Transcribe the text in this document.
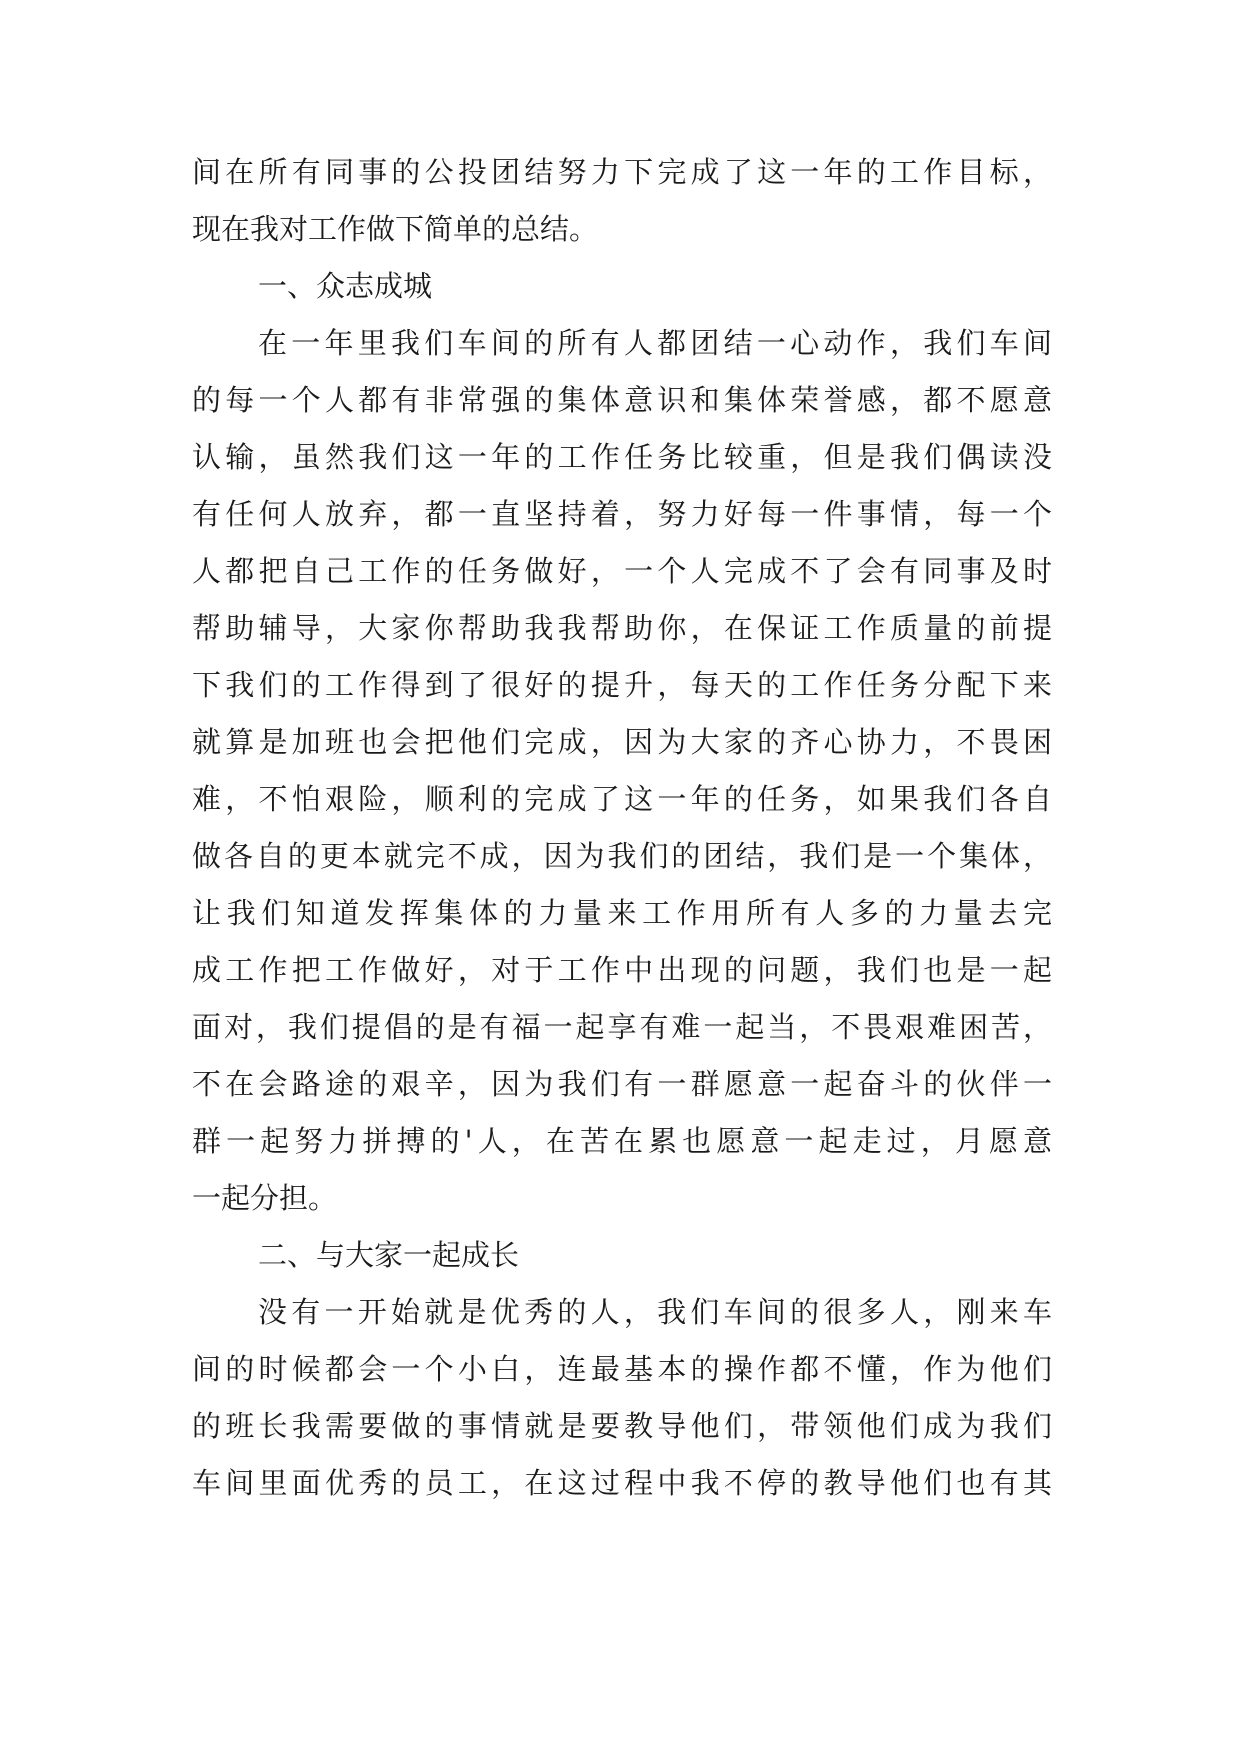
间在所有同事的公投团结努力下完成了这一年的工作目标，
现在我对工作做下简单的总结。
一、众志成城
在一年里我们车间的所有人都团结一心动作，我们车间
的每一个人都有非常强的集体意识和集体荣誉感，都不愿意
认输，虽然我们这一年的工作任务比较重，但是我们偶读没
有任何人放弃，都一直坚持着，努力好每一件事情，每一个
人都把自己工作的任务做好，一个人完成不了会有同事及时
帮助辅导，大家你帮助我我帮助你，在保证工作质量的前提
下我们的工作得到了很好的提升，每天的工作任务分配下来
就算是加班也会把他们完成，因为大家的齐心协力，不畏困
难，不怕艰险，顺利的完成了这一年的任务，如果我们各自
做各自的更本就完不成，因为我们的团结，我们是一个集体，
让我们知道发挥集体的力量来工作用所有人多的力量去完
成工作把工作做好，对于工作中出现的问题，我们也是一起
面对，我们提倡的是有福一起享有难一起当，不畏艰难困苦，
不在会路途的艰辛，因为我们有一群愿意一起奋斗的伙伴一
群一起努力拼搏的'人，在苦在累也愿意一起走过，月愿意
一起分担。
二、与大家一起成长
没有一开始就是优秀的人，我们车间的很多人，刚来车
间的时候都会一个小白，连最基本的操作都不懂，作为他们
的班长我需要做的事情就是要教导他们，带领他们成为我们
车间里面优秀的员工，在这过程中我不停的教导他们也有其
